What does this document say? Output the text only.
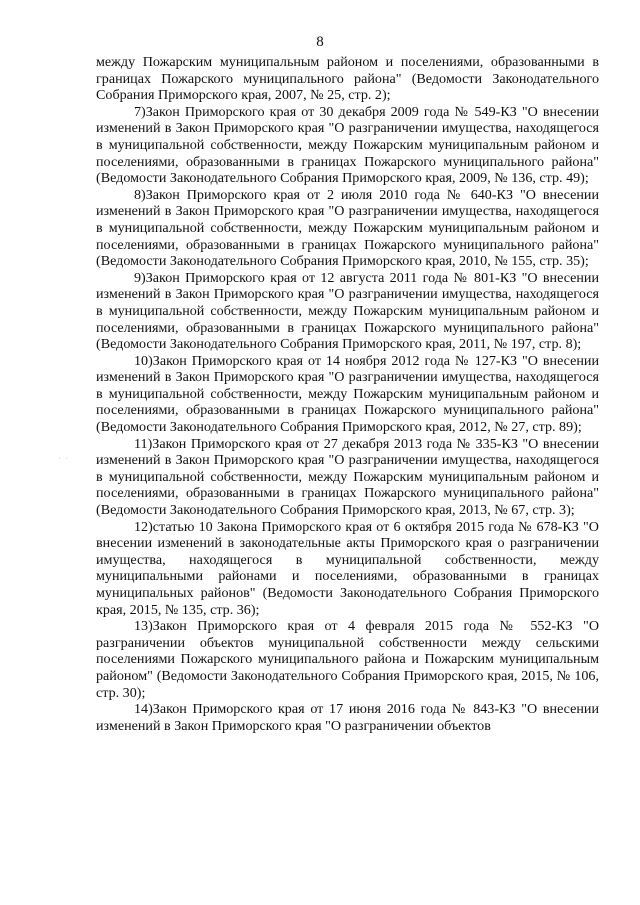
8

между Пожарским муниципальным районом и поселениями, образованными в границах Пожарского муниципального района" (Ведомости Законодательного Собрания Приморского края, 2007, № 25, стр. 2);

7)Закон Приморского края от 30 декабря 2009 года № 549-КЗ "О внесении изменений в Закон Приморского края "О разграничении имущества, находящегося в муниципальной собственности, между Пожарским муниципальным районом и поселениями, образованными в границах Пожарского муниципального района" (Ведомости Законодательного Собрания Приморского края, 2009, № 136, стр. 49);

8)Закон Приморского края от 2 июля 2010 года № 640-КЗ "О внесении изменений в Закон Приморского края "О разграничении имущества, находящегося в муниципальной собственности, между Пожарским муниципальным районом и поселениями, образованными в границах Пожарского муниципального района" (Ведомости Законодательного Собрания Приморского края, 2010, № 155, стр. 35);

9)Закон Приморского края от 12 августа 2011 года № 801-КЗ "О внесении изменений в Закон Приморского края "О разграничении имущества, находящегося в муниципальной собственности, между Пожарским муниципальным районом и поселениями, образованными в границах Пожарского муниципального района" (Ведомости Законодательного Собрания Приморского края, 2011, № 197, стр. 8);

10)Закон Приморского края от 14 ноября 2012 года № 127-КЗ "О внесении изменений в Закон Приморского края "О разграничении имущества, находящегося в муниципальной собственности, между Пожарским муниципальным районом и поселениями, образованными в границах Пожарского муниципального района" (Ведомости Законодательного Собрания Приморского края, 2012, № 27, стр. 89);

11)Закон Приморского края от 27 декабря 2013 года № 335-КЗ "О внесении изменений в Закон Приморского края "О разграничении имущества, находящегося в муниципальной собственности, между Пожарским муниципальным районом и поселениями, образованными в границах Пожарского муниципального района" (Ведомости Законодательного Собрания Приморского края, 2013, № 67, стр. 3);

12)статью 10 Закона Приморского края от 6 октября 2015 года № 678-КЗ "О внесении изменений в законодательные акты Приморского края о разграничении имущества, находящегося в муниципальной собственности, между муниципальными районами и поселениями, образованными в границах муниципальных районов" (Ведомости Законодательного Собрания Приморского края, 2015, № 135, стр. 36);

13)Закон Приморского края от 4 февраля 2015 года № 552-КЗ "О разграничении объектов муниципальной собственности между сельскими поселениями Пожарского муниципального района и Пожарским муниципальным районом" (Ведомости Законодательного Собрания Приморского края, 2015, № 106, стр. 30);

14)Закон Приморского края от 17 июня 2016 года № 843-КЗ "О внесении изменений в Закон Приморского края "О разграничении объектов

˙ ˙
